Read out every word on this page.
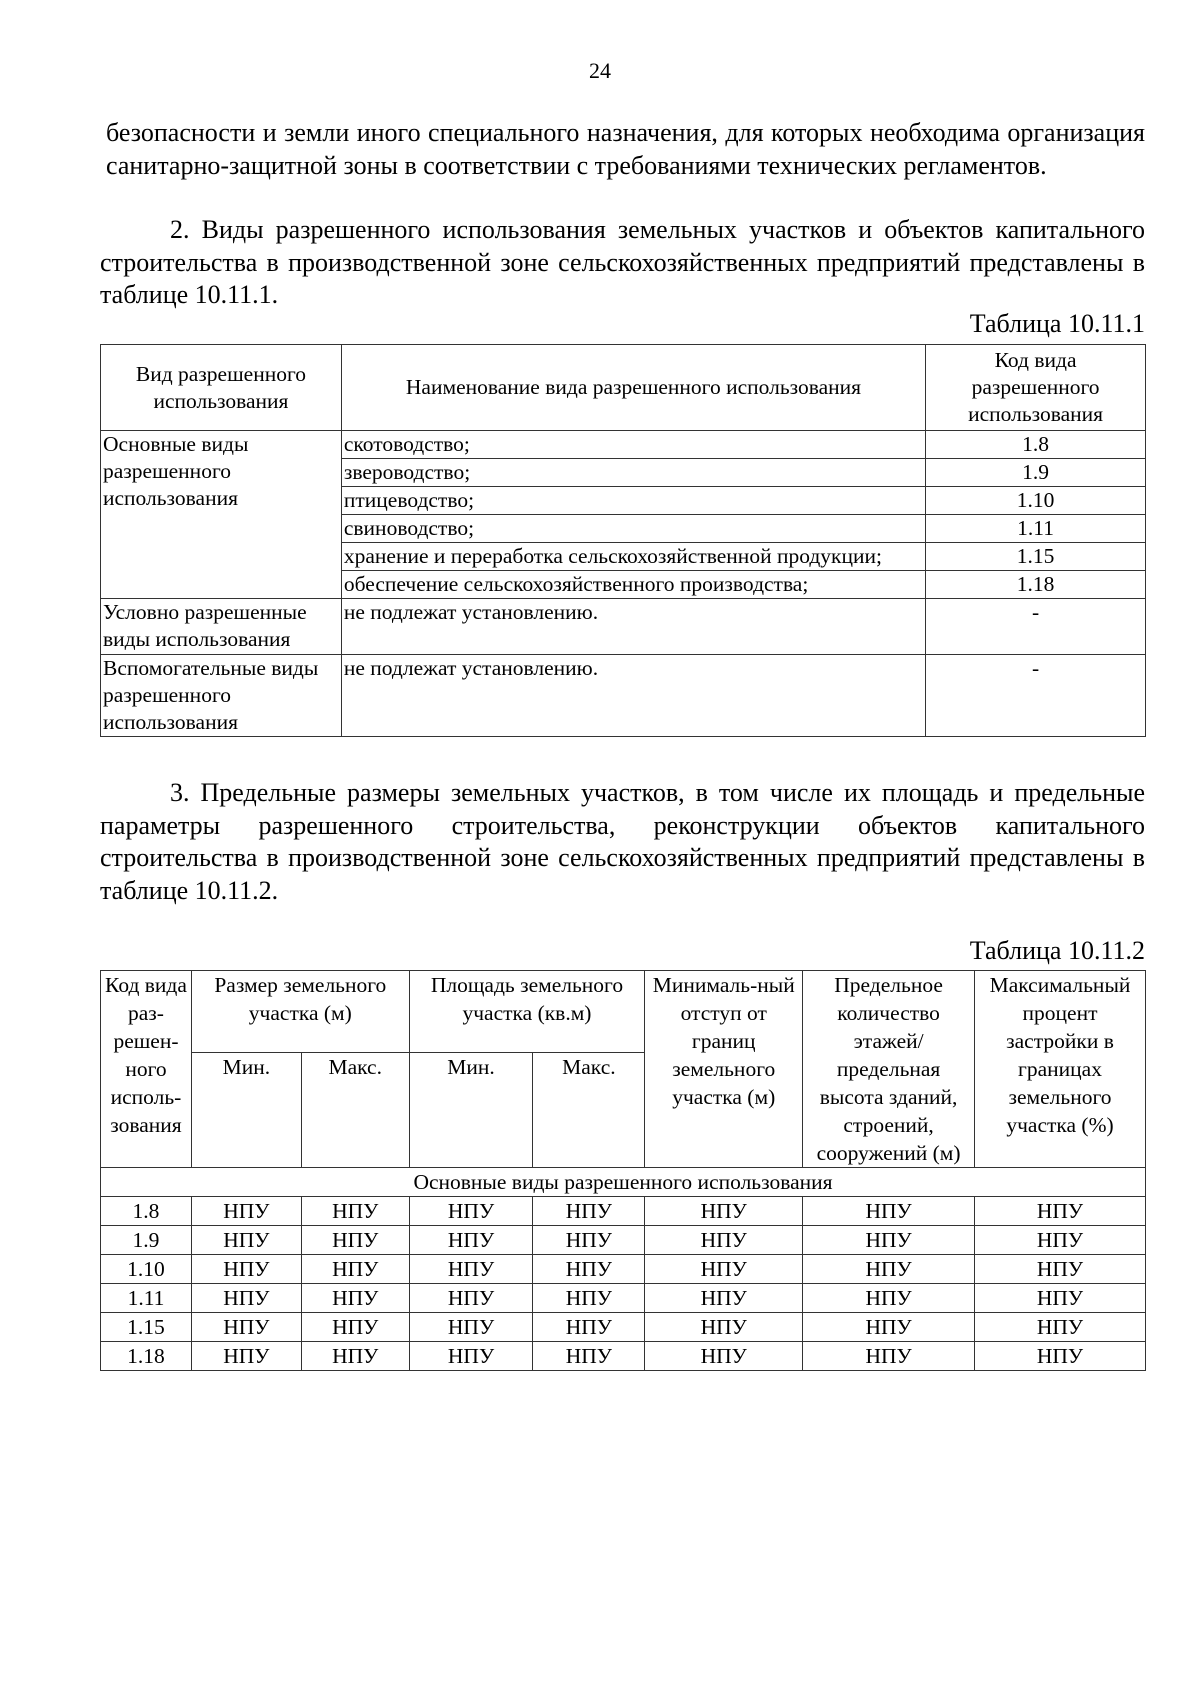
24
безопасности и земли иного специального назначения, для которых необходима организация санитарно-защитной зоны в соответствии с требованиями технических регламентов.
2. Виды разрешенного использования земельных участков и объектов капитального строительства в производственной зоне сельскохозяйственных предприятий представлены в таблице 10.11.1.
Таблица 10.11.1
Вид разрешенного использования	Наименование вида разрешенного использования	Код вида разрешенного использования
Основные виды разрешенного использования	скотоводство;	1.8
	звероводство;	1.9
	птицеводство;	1.10
	свиноводство;	1.11
	хранение и переработка сельскохозяйственной продукции;	1.15
	обеспечение сельскохозяйственного производства;	1.18
Условно разрешенные виды использования	не подлежат установлению.	-
Вспомогательные виды разрешенного использования	не подлежат установлению.	-
3. Предельные размеры земельных участков, в том числе их площадь и предельные параметры разрешенного строительства, реконструкции объектов капитального строительства в производственной зоне сельскохозяйственных предприятий представлены в таблице 10.11.2.
Таблица 10.11.2
Код вида раз-решен-ного исполь-зования	Размер земельного участка (м)		Площадь земельного участка (кв.м)		Минималь-ный отступ от границ земельного участка (м)	Предельное количество этажей/ предельная высота зданий, строений, сооружений (м)	Максимальный процент застройки в границах земельного участка (%)
	Мин.	Макс.	Мин.	Макс.			
Основные виды разрешенного использования							
1.8	НПУ	НПУ	НПУ	НПУ	НПУ	НПУ	НПУ
1.9	НПУ	НПУ	НПУ	НПУ	НПУ	НПУ	НПУ
1.10	НПУ	НПУ	НПУ	НПУ	НПУ	НПУ	НПУ
1.11	НПУ	НПУ	НПУ	НПУ	НПУ	НПУ	НПУ
1.15	НПУ	НПУ	НПУ	НПУ	НПУ	НПУ	НПУ
1.18	НПУ	НПУ	НПУ	НПУ	НПУ	НПУ	НПУ
